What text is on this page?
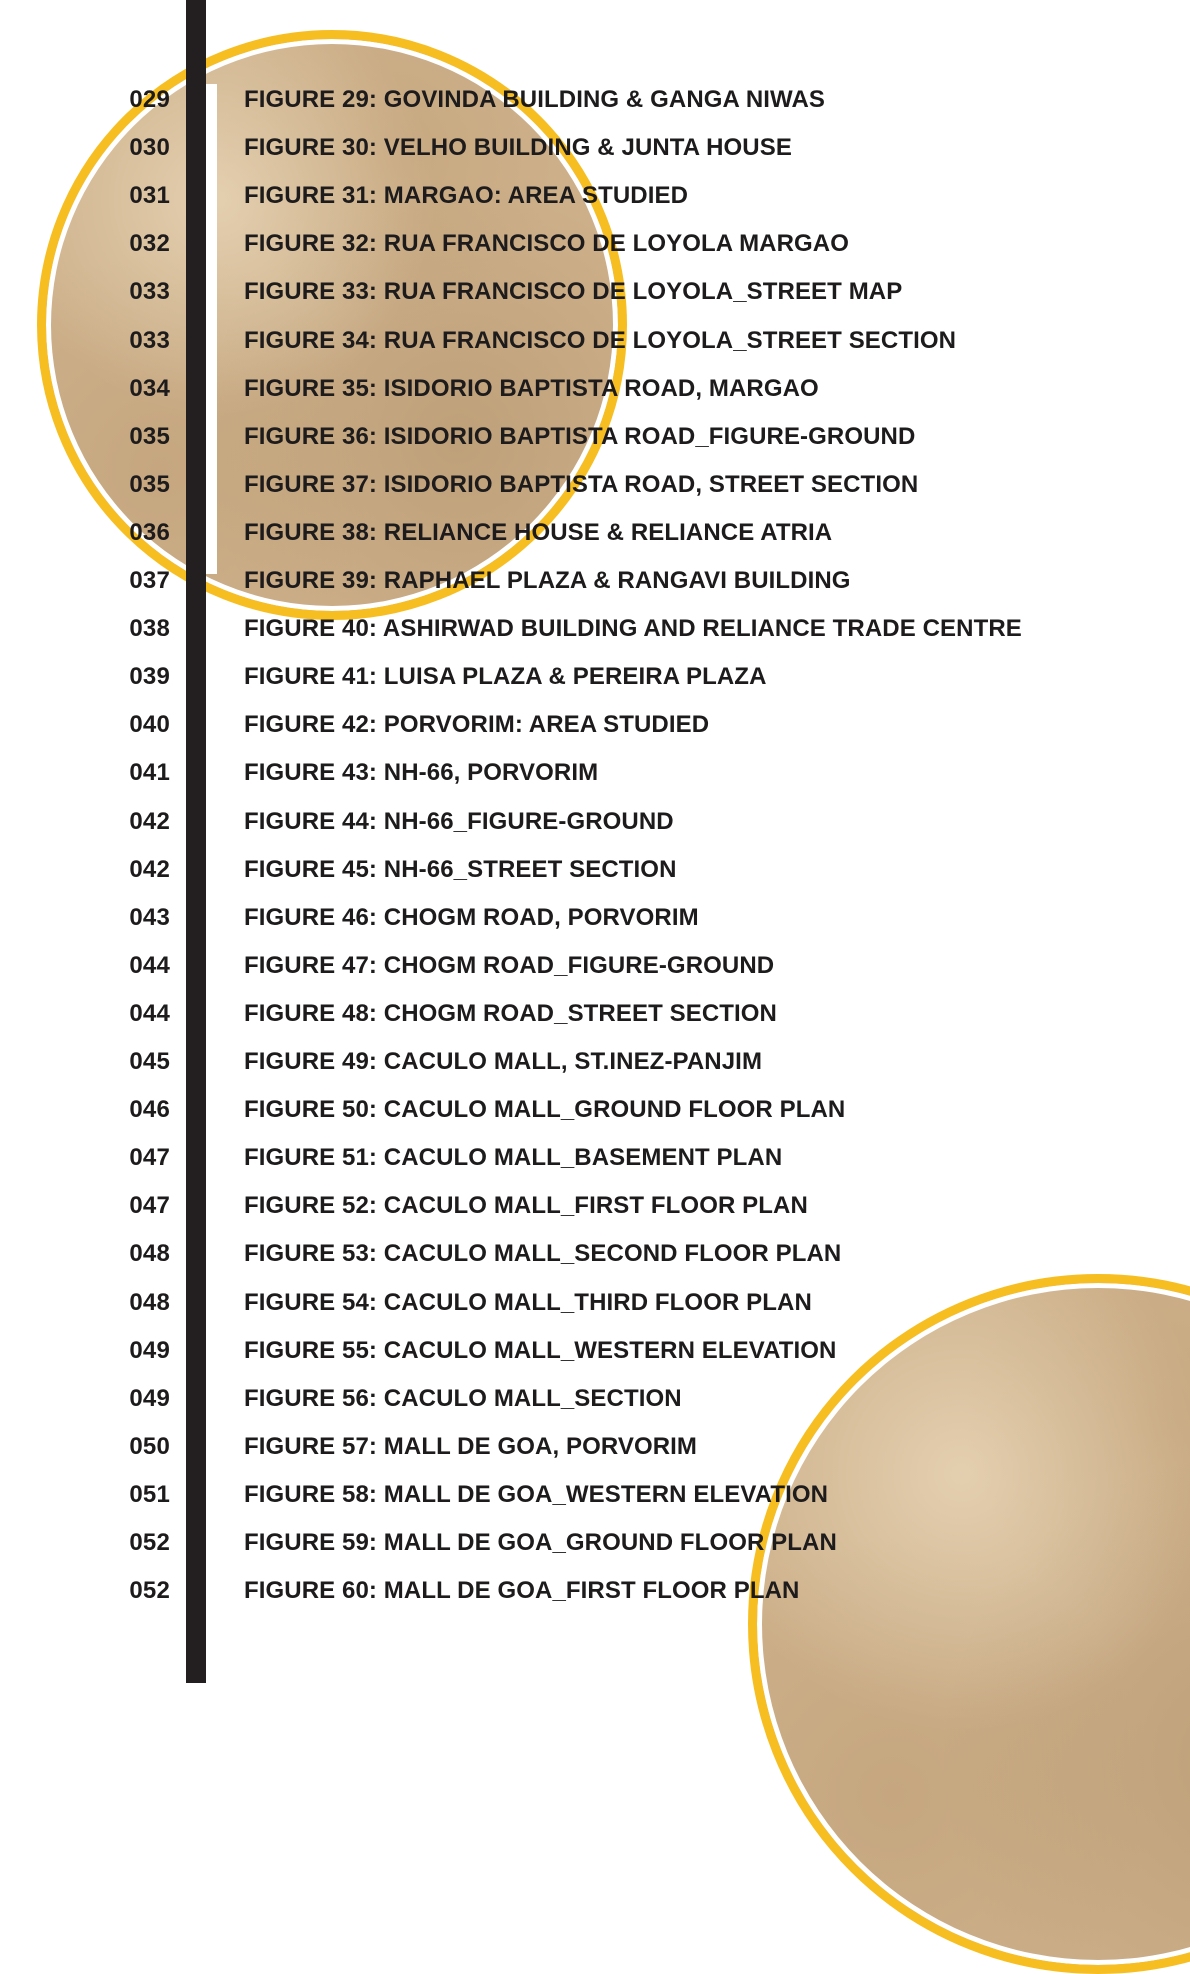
029	FIGURE 29: GOVINDA BUILDING & GANGA NIWAS
030	FIGURE 30: VELHO BUILDING & JUNTA HOUSE
031	FIGURE 31: MARGAO: AREA STUDIED
032	FIGURE 32: RUA FRANCISCO DE LOYOLA MARGAO
033	FIGURE 33: RUA FRANCISCO DE LOYOLA_STREET MAP
033	FIGURE 34: RUA FRANCISCO DE LOYOLA_STREET SECTION
034	FIGURE 35: ISIDORIO BAPTISTA ROAD, MARGAO
035	FIGURE 36: ISIDORIO BAPTISTA ROAD_FIGURE-GROUND
035	FIGURE 37: ISIDORIO BAPTISTA ROAD, STREET SECTION
036	FIGURE 38: RELIANCE HOUSE & RELIANCE ATRIA
037	FIGURE 39: RAPHAEL PLAZA & RANGAVI BUILDING
038	FIGURE 40: ASHIRWAD BUILDING AND RELIANCE TRADE CENTRE
039	FIGURE 41: LUISA PLAZA & PEREIRA PLAZA
040	FIGURE 42: PORVORIM: AREA STUDIED
041	FIGURE 43: NH-66, PORVORIM
042	FIGURE 44: NH-66_FIGURE-GROUND
042	FIGURE 45: NH-66_STREET SECTION
043	FIGURE 46: CHOGM ROAD, PORVORIM
044	FIGURE 47: CHOGM ROAD_FIGURE-GROUND
044	FIGURE 48: CHOGM ROAD_STREET SECTION
045	FIGURE 49: CACULO MALL, ST.INEZ-PANJIM
046	FIGURE 50: CACULO MALL_GROUND FLOOR PLAN
047	FIGURE 51: CACULO MALL_BASEMENT PLAN
047	FIGURE 52: CACULO MALL_FIRST FLOOR PLAN
048	FIGURE 53: CACULO MALL_SECOND FLOOR PLAN
048	FIGURE 54: CACULO MALL_THIRD FLOOR PLAN
049	FIGURE 55: CACULO MALL_WESTERN ELEVATION
049	FIGURE 56: CACULO MALL_SECTION
050	FIGURE 57: MALL DE GOA, PORVORIM
051	FIGURE 58: MALL DE GOA_WESTERN ELEVATION
052	FIGURE 59: MALL DE GOA_GROUND FLOOR PLAN
052	FIGURE 60: MALL DE GOA_FIRST FLOOR PLAN
